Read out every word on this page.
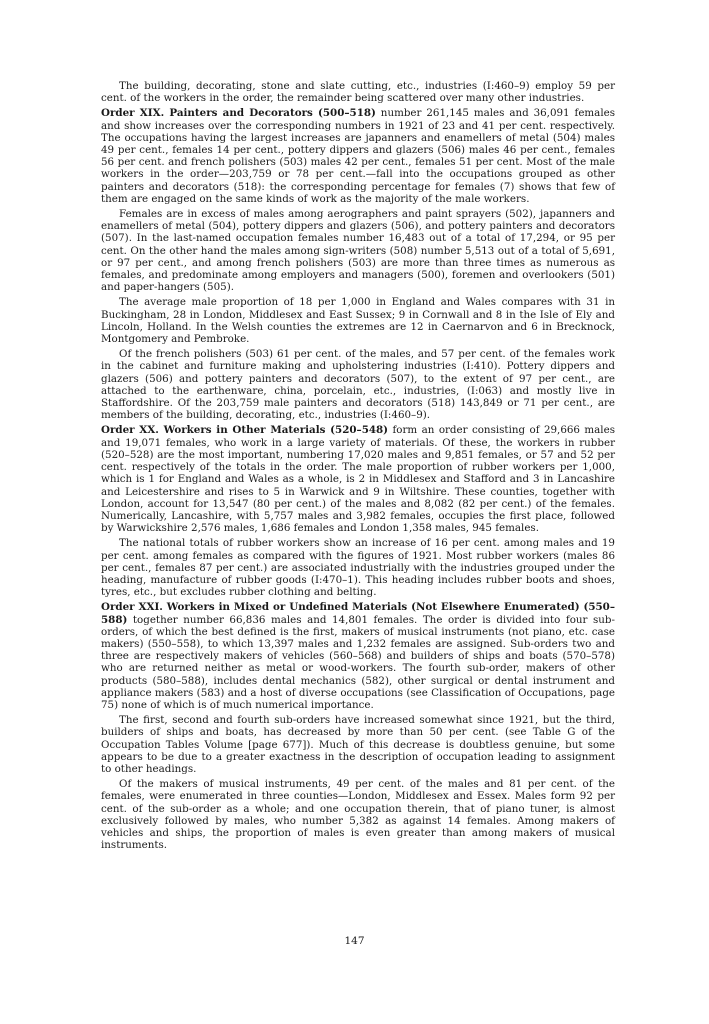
The building, decorating, stone and slate cutting, etc., industries (I:460–9) employ 59 per cent. of the workers in the order, the remainder being scattered over many other industries.

Order XIX. Painters and Decorators (500–518) number 261,145 males and 36,091 females and show increases over the corresponding numbers in 1921 of 23 and 41 per cent. respectively. The occupations having the largest increases are japanners and enamellers of metal (504) males 49 per cent., females 14 per cent., pottery dippers and glazers (506) males 46 per cent., females 56 per cent. and french polishers (503) males 42 per cent., females 51 per cent. Most of the male workers in the order—203,759 or 78 per cent.—fall into the occupations grouped as other painters and decorators (518): the corresponding percentage for females (7) shows that few of them are engaged on the same kinds of work as the majority of the male workers.

Females are in excess of males among aerographers and paint sprayers (502), japanners and enamellers of metal (504), pottery dippers and glazers (506), and pottery painters and decorators (507). In the last-named occupation females number 16,483 out of a total of 17,294, or 95 per cent. On the other hand the males among sign-writers (508) number 5,513 out of a total of 5,691, or 97 per cent., and among french polishers (503) are more than three times as numerous as females, and predominate among employers and managers (500), foremen and overlookers (501) and paper-hangers (505).

The average male proportion of 18 per 1,000 in England and Wales compares with 31 in Buckingham, 28 in London, Middlesex and East Sussex; 9 in Cornwall and 8 in the Isle of Ely and Lincoln, Holland. In the Welsh counties the extremes are 12 in Caernarvon and 6 in Brecknock, Montgomery and Pembroke.

Of the french polishers (503) 61 per cent. of the males, and 57 per cent. of the females work in the cabinet and furniture making and upholstering industries (I:410). Pottery dippers and glazers (506) and pottery painters and decorators (507), to the extent of 97 per cent., are attached to the earthenware, china, porcelain, etc., industries, (I:063) and mostly live in Staffordshire. Of the 203,759 male painters and decorators (518) 143,849 or 71 per cent., are members of the building, decorating, etc., industries (I:460–9).

Order XX. Workers in Other Materials (520–548) form an order consisting of 29,666 males and 19,071 females, who work in a large variety of materials. Of these, the workers in rubber (520–528) are the most important, numbering 17,020 males and 9,851 females, or 57 and 52 per cent. respectively of the totals in the order. The male proportion of rubber workers per 1,000, which is 1 for England and Wales as a whole, is 2 in Middlesex and Stafford and 3 in Lancashire and Leicestershire and rises to 5 in Warwick and 9 in Wiltshire. These counties, together with London, account for 13,547 (80 per cent.) of the males and 8,082 (82 per cent.) of the females. Numerically, Lancashire, with 5,757 males and 3,982 females, occupies the first place, followed by Warwickshire 2,576 males, 1,686 females and London 1,358 males, 945 females.

The national totals of rubber workers show an increase of 16 per cent. among males and 19 per cent. among females as compared with the figures of 1921. Most rubber workers (males 86 per cent., females 87 per cent.) are associated industrially with the industries grouped under the heading, manufacture of rubber goods (I:470–1). This heading includes rubber boots and shoes, tyres, etc., but excludes rubber clothing and belting.

Order XXI. Workers in Mixed or Undefined Materials (Not Elsewhere Enumerated) (550–588) together number 66,836 males and 14,801 females. The order is divided into four sub-orders, of which the best defined is the first, makers of musical instruments (not piano, etc. case makers) (550–558), to which 13,397 males and 1,232 females are assigned. Sub-orders two and three are respectively makers of vehicles (560–568) and builders of ships and boats (570–578) who are returned neither as metal or wood-workers. The fourth sub-order, makers of other products (580–588), includes dental mechanics (582), other surgical or dental instrument and appliance makers (583) and a host of diverse occupations (see Classification of Occupations, page 75) none of which is of much numerical importance.

The first, second and fourth sub-orders have increased somewhat since 1921, but the third, builders of ships and boats, has decreased by more than 50 per cent. (see Table G of the Occupation Tables Volume [page 677]). Much of this decrease is doubtless genuine, but some appears to be due to a greater exactness in the description of occupation leading to assignment to other headings.

Of the makers of musical instruments, 49 per cent. of the males and 81 per cent. of the females, were enumerated in three counties—London, Middlesex and Essex. Males form 92 per cent. of the sub-order as a whole; and one occupation therein, that of piano tuner, is almost exclusively followed by males, who number 5,382 as against 14 females. Among makers of vehicles and ships, the proportion of males is even greater than among makers of musical instruments.

147
